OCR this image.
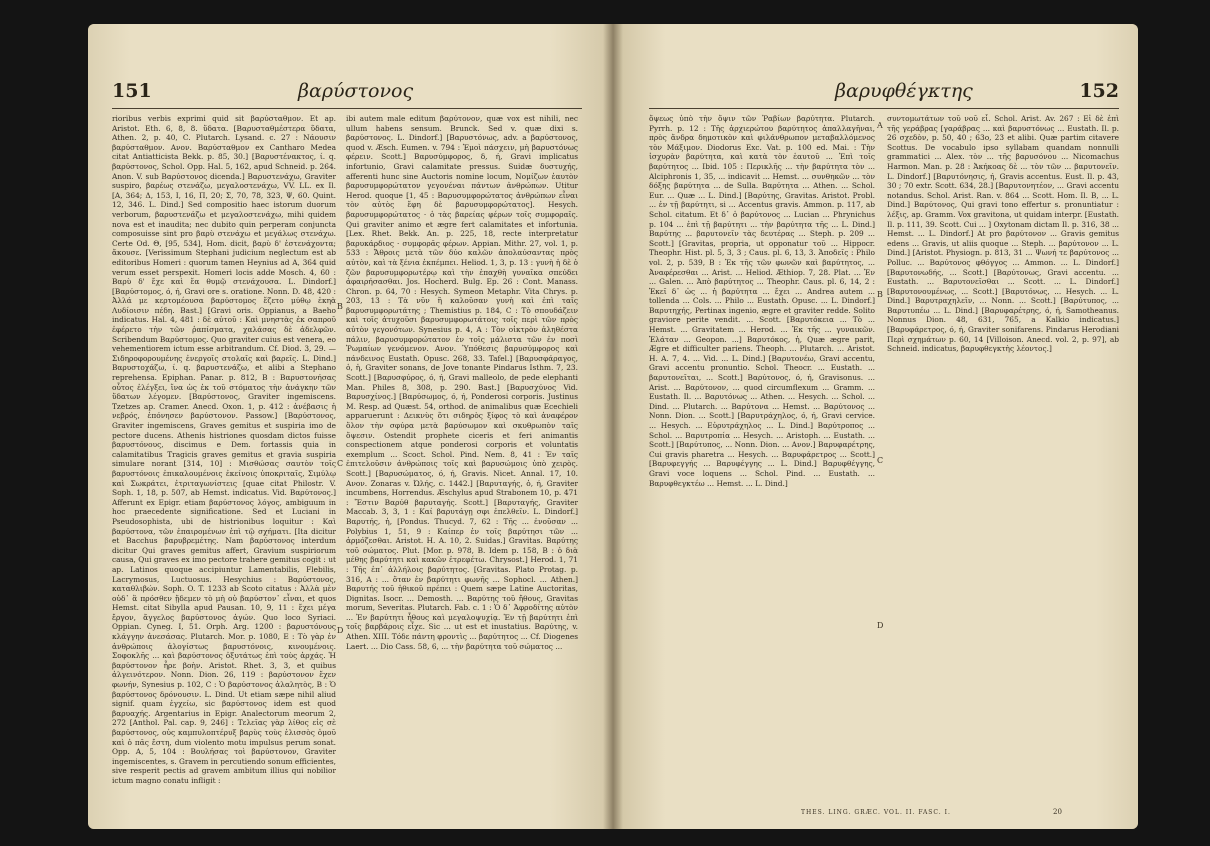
151	βαρύστονος

rioribus verbis exprimi quid sit βαρύσταθμον. Et ap. Aristot. Eth. 6, 8, 8. ὕδατα. [Βαρυσταθμέστερα ὕδατα, Athen. 2, p. 40, C. Plutarch. Lysand. c. 27 : Νάουσιν βαρύσταθμον. Ανον. Βαρύσταθμον ex Cantharo Medea citat Antiatticista Bekk. p. 85, 30.] [Βαρυστένακτος, ί. q. βαρύστονος, Schol. Opp. Hal. 5, 162, apud Schneid. p. 264. Anon. V. sub Βαρύστονος dicenda.] Βαρυστενάχω, Graviter suspiro, βαρέως στενάζω, μεγαλοστενάχω, VV. LL. ex Il. [Α, 364; Δ, 153, I, 16, Π, 20; Σ, 70, 78, 323, Ψ, 60. Quint. 12, 346. L. Dind.] Sed compositio haec istorum duorum verborum, βαρυστενάζω et μεγαλοστενάχω, mihi quidem nova est et inaudita; nec dubito quin perperam conjuncta composuisse sint pro βαρὺ στενάχω et μεγάλως στενάχω. Certe Od. Θ, [95, 534], Hom. dicit, βαρὺ δ' ἐστενάχοντα; ἄκουσε. [Verissimum Stephani judicium neglectum est ab editoribus Homeri : quorum tamen Heynius ad A, 364 quid verum esset perspexit. Homeri locis adde Mosch. 4, 60 : Βαρὺ δ' ἔχε καὶ ἔα θυμῷ στενάχουσα. L. Dindorf.] [Βαρύστομος, ό, ή, Gravi ore s. oratione. Nonn. D. 48, 420 : Ἀλλά με κερτομέουσα βαρύστομος ἔζετο μύθῳ ἑκηὰ Λυδίοισιν πέδη. Bast.] [Gravi oris. Oppianus, a Baeho indicatus. Hal. 4, 481 : δὲ αὐτοῦ : Καὶ μνηστὰς ἐκ σαπροῦ ἐφέρετο τὴν τῶν ῥαπίσματα, χαλάσας δὲ ἀδελφῶν. Scribendum Βαρύστομος. Quo graviter cuius est venera, eo vehementiorem ictum esse arbitrandum. Cf. Diod. 3, 29. — Σιδηροφορουμένης ἐνεργοῖς στολαῖς καὶ βαρεῖς. L. Dind.] Βαρυστοχάζω, ί. q. βαρυστενάζω, et alibi a Stephano reprehensa. Epiphan. Panar. p. 812, B : Βαρυστονήσας οὗτος ἐλέγξει, ἵνα ὡς ἐκ τοῦ στόματος τὴν ἀνάγκην τῶν ὕδατων λέγομεν. [Βαρύστονος, Graviter ingemiscens. Tzetzes ap. Cramer. Anecd. Oxon. 1, p. 412 : ἀνέβασις ἡ νεβρός, ἐπόνησεν βαρύστονον. Passow.] [Βαρύστονος, Graviter ingemiscens, Graves gemitus et suspiria imo de pectore ducens. Athenis histriones quosdam dictos fuisse βαρυστόνους, discimus e Dem. fortassis quia in calamitatibus Tragicis graves gemitus et gravia suspiria simulare norant [314, 10] : Μισθώσας σαυτὸν τοῖς βαρυστόνοις ἐπικαλουμένοις ἐκείνοις ὑποκριταῖς, Σιμύλῳ καὶ Σωκράτει, ἐτριταγωνίστεις [quae citat Philostr. V. Soph. 1, 18, p. 507, ab Hemst. indicatus. Vid. Βαρύτονος.] Afferunt ex Epigr. etiam βαρύστονος λόγος, ambiguum in hoc praecedente significatione. Sed et Luciani in Pseudosophista, ubi de histrionibus loquitur : Καὶ βαρύστονα, τῶν ἐπαιρομένων ἐπὶ τῷ σχήματι. [Ita dicitur et Bacchus βαρυβρεμέτης. Nam βαρύστονος interdum dicitur Qui graves gemitus affert, Gravium suspiriorum causa, Qui graves ex imo pectore trahere gemitus cogit : ut ap. Latinos quoque accipiuntur Lamentabilis, Flebilis, Lacrymosus, Luctuosus. Hesychius : Βαρύστονος, καταθλιβών. Soph. O. T. 1233 ab Scoto citatus : Ἀλλὰ μὲν οὐδ᾽ ἃ πρόσθεν ᾔδεμεν τὸ μὴ οὐ βαρύστον᾽ εἶναι, et quos Hemst. citat Sibylla apud Pausan. 10, 9, 11 : ἔχει μέγα ἔργον, ἄγγελος βαρύστονος ἀγών. Quo loco Syriaci. Oppian. Cyneg. Ι, 51. Orph. Arg. 1200 : βαρυστόνους κλάγγην ἀνεσάσας. Plutarch. Mor. p. 1080, Ε : Τὸ γὰρ ἐν ἀνθρώποις ἀλογίστως βαρυστόνοις, κινουμένοις. Σοφοκλῆς ... καὶ βαρύστονος ὀξυτάτως ἐπὶ τοὺς ἀρχάς. Ἡ βαρύστονον ἦρε βοὴν. Aristot. Rhet. 3, 3, et quibus ἀλγεινότερον. Nonn. Dion. 26, 119 : βαρύστονον ἔχεν φωνήν, Synesius p. 102, C : Ὁ βαρύστονος ἀλαλητὸς, Β : Ὁ βαρύστονος δρόνουσιν. L. Dind. Ut etiam sæpe nihil aliud signif. quam ἐγχείω, sic βαρύστονος idem est quod βαρυαχής. Argentarius in Epigr. Analectorum meorum 2, 272 [Anthol. Pal. cap. 9, 246] : Τελεῖας γὰρ λίθος εἰς σὲ βαρύστονος, οὐς καμπυλοπτέρυξ βαρὺς τοὺς ἐλισσὸς ὁμοῦ καὶ ὁ πᾶς ἔστη, dum violento motu impulsus perum sonat. Opp. A, 5, 104 : Βουλήσας τοὶ βαρύστονον, Graviter ingemiscentes, s. Gravem in percutiendo sonum efficientes, sive resperit pectis ad gravem ambitum illius qui nobilior ictum magno conatu infligit :

ibi autem male editum βαρύτονον, quæ vox est nihili, nec ullum habens sensum. Brunck. Sed v. quæ dixi s. βαρύστονος. L. Dindorf.] [Βαρυστόνως, adv. a βαρύστονος, quod v. Æsch. Eumen. v. 794 : Ἐμοὶ πάσχειν, μὴ βαρυστόνως φέρειν. Scott.] Βαρυσύμφορος, δ, ή, Gravi implicatus infortunio, Gravi calamitate pressus. Suidæ δυστυχής, afferenti hunc sine Auctoris nomine locum, Νομίζων ἑαυτὸν βαρυσυμφορώτατον γεγονέναι πάντων ἀνθρώπων. Utitur Herod. quoque [1, 45 : Βαρυσυμφορώτατος ἀνθρώπων εἶναι τὸν αὐτὸς ἔφη δὲ βαρυσυμφορώτατος]. Hesych. βαρυσυμφορώτατος · ὁ τὰς βαρείας φέρων τοῖς συμφοραῖς. Qui graviter animo et ægre fert calamitates et infortunia. [Lex. Rhet. Bekk. An. p. 225, 18, recte interpretatur βαρυκάρδιος · συμφορᾶς φέρων. Appian. Mithr. 27, vol. 1, p. 533 : Ἄθροις μετὰ τῶν δύο καλῶν ἀπολαύσαντας πρὸς αὐτὸν, καὶ τὰ ξένια ἐκπέμπει. Heliod. 1, 3, p. 13 : γυνὴ ἡ δὲ ὁ ζῶν βαρυσυμφορωτέρῳ καὶ τὴν ἐπαχθὴ γυναῖκα σπεύδει ἀφαιρήσασθαι. Jos. Hocherd. Bulg. Ep. 26 : Cont. Manass. Chron. p. 64, 70 : Hesych. Symeon Metaphr. Vita Chrys. p. 203, 13 : Τὰ νῦν ἢ καλοῦσαν γυνὴ καὶ ἐπὶ ταῖς βαρυσυμφορωτάτης ; Themistius p. 184, C : Τὸ σπουδάζειν καὶ τοῖς ἀτυχοῦσι βαρυσυμφορωτάτοις τοῖς περὶ τῶν πρὸς αὐτὸν γεγονότων. Synesius p. 4, A : Τὸν οἰκτρὸν ἀληθέστα πάλιν, βαρυσυμφορώτατον ἐν τοῖς μάλιστα τῶν ἐν ποσὶ Ῥωμαίων γενόμενον. Ανον. Ὑπόθεσις βαρυσύμφορος καὶ πάνδεινος Eustath. Opusc. 268, 33. Tafel.] [Βαρυσφάραγος, ὁ, ἡ, Graviter sonans, de Jove tonante Pindarus Isthm. 7, 23. Scott.] [Βαρυσφύρος, ό, ή, Gravi malleolo, de pede elephanti Man. Philes 8, 308, p. 290. Bast.] [Βαρυσχύνος Vid. Βαρυσχίνος.] [Βαρύσωμος, ό, ή, Ponderosi corporis. Justinus M. Resp. ad Quæst. 54, orthod. de animalibus quæ Ecechieli apparuerunt : Δεικνὺς ὅτι σιδηρὸς ξίφος τὸ καὶ ἀναφέρον ὅλον τὴν σφύρα μετὰ βαρύσωμον καὶ σκυθρωπὸν ταῖς ὄψεσιν. Ostendit prophete ciceris et feri animantis conspectionem atque ponderosi corporis et voluntatis exemplum ... Scoct. Schol. Pind. Nem. 8, 41 : Ἐν ταῖς ἐπιτελοῦσιν ἀνθρώποις τοῖς καὶ βαρυσώμοις ὑπὸ χειρὸς. Scott.] [Βαρυσώματος, ό, ή, Gravis. Nicet. Annal. 17, 10. Ανον. Zonaras v. Ὠλής, c. 1442.] [Βαρυταγής, ὁ, ή, Graviter incumbens, Horrendus. Æschylus apud Strabonem 10, p. 471 : Ἔστιν Βαρύθ βαρυταγής. Scott.] [Βαρυταγής, Graviter Maccab. 3, 3, 1 : Καί βαρυτάγῃ σφι ἐπελθεῖν. L. Dindorf.] Βαρυτής, ἡ, [Pondus. Thucyd. 7, 62 : Τῆς ... ἐνοῦσαν ... Polybius 1, 51, 9 : Καίπερ ἐν τοῖς βαρύτησι τῶν ... ἀρμόζεσθαι. Aristot. H. A. 10, 2. Suidas.] Gravitas. Βαρύτης τοῦ σώματος. Plut. [Mor. p. 978, B. Idem p. 158, B : ὁ διὰ μέθης βαρύτητι καὶ κακῶν ἐτρεφέτω. Chrysost.] Herod. 1, 71 : Τῆς ἐπ᾽ ἀλλήλοις βαρύτητος. [Gravitas. Plato Protag. p. 316, A : ... ὅταν ἐν βαρύτητι φωνῆς ... Sophocl. ... Athen.] Βαρυτής τοῦ ἡθικοῦ πρέπει : Quem sæpe Latine Auctoritas, Dignitas. Isocr. ... Demosth. ... Βαρύτης τοῦ ἤθους, Gravitas morum, Severitas. Plutarch. Fab. c. 1 : Ὁ δ᾽ Ἀφροδίτης αὐτὸν ... Ἐν βαρύτητι ἦθους καὶ μεγαλοψυχίᾳ. Ἐν τῇ βαρύτητι ἐπὶ τοῖς βαρβάροις εἶχε. Sic ... ut est et inustatius. Βαρύτης, v. Athen. XIII. Τόδε πάντη φροντὶς ... βαρύτητος ... Cf. Diogenes Laert. ... Dio Cass. 58, 6, ... τὴν βαρύτητα τοῦ σώματος ...

B
C
D
βαρυφθέγκτης	152

ὄψεως ὑπὸ τὴν ὄψιν τῶν Ῥαβίων βαρύτητα. Plutarch. Pyrrh. p. 12 : Τῆς ἀρχιερώτου βαρύτητος ἀπαλλαγῆναι, πρὸς ἄνδρα δημοτικὸν καὶ φιλάνθρωπον μεταβαλλόμενος τὸν Μάξιμον. Diodorus Exc. Vat. p. 100 ed. Mai. : Τὴν ἰσχυρὰν βαρύτητα, καὶ κατὰ τὸν ἑαυτοῦ ... Ἐπὶ τοῖς βαρύτητος ... Ibid. 105 : Περικλῆς ... τὴν βαρύτητα τὸν ... Alciphronis 1, 35, ... indicavit ... Hemst. ... συνθηκῶν ... τὸν δόξης βαρύτητα ... de Sulla. Βαρύτητα ... Athen. ... Schol. Eur. ... Quæ ... L. Dind.] [Βαρύτης, Gravitas. Aristot. Probl. ... ἐν τῇ βαρύτητι, si ... Accentus gravis. Ammon. p. 117, ab Schol. citatum. Et δ᾽ ὁ βαρύτονος ... Lucian ... Phrynichus p. 104 ... ἐπὶ τῇ βαρύτητι ... τὴν βαρύτητα τῆς ... L. Dind.] Βαρύτης ... βαρυτονεῖν τὰς δευτέρας ... Steph. p. 209 ... Scott.] [Gravitas, propria, ut opponatur τοῦ ... Hippocr. Theophr. Hist. pl. 5, 3, 3 ; Caus. pl. 6, 13, 3. Ἀποδεῖς : Philo vol. 2, p. 539, B : Ἐκ τῆς τῶν φωνῶν καὶ βαρύτητος, ... Ἀναφέρεσθαι ... Arist. ... Heliod. Æthiop. 7, 28. Plat. ... Ἐν ... Galen. ... Ἀπὸ βαρύτητος ... Theophr. Caus. pl. 6, 14, 2 : Ἐκεῖ δ᾽ ὡς ... ἡ βαρύτητα ... ἔχει ... Andrea autem ... tollenda ... Cols. ... Philo ... Eustath. Opusc. ... L. Dindorf.] Βαρυτηχής, Pertinax ingenio, ægre et graviter redde. Solito graviore perite vendit. ... Scott. [Βαρυτόκεια ... Τὸ ... Hemst. ... Gravitatem ... Herod. ... Ἐκ τῆς ... γυναικῶν. Ἐλάταν ... Geopon. ...] Βαρυτόκος, ἡ, Quæ ægre parit, Ægre et difficulter pariens. Theoph. ... Plutarch. ... Aristot. H. A. 7, 4. ... Vid. ... L. Dind.] [Βαρυτονέω, Gravi accentu, Gravi accentu pronuntio. Schol. Theocr. ... Eustath. ... βαρυτονεῖται, ... Scott.] Βαρύτονος, ό, ή, Gravisonus. ... Arist. ... Βαρύτονον, ... quod circumflexum ... Gramm. ... Eustath. Il. ... Βαρυτόνως ... Athen. ... Hesych. ... Schol. ... Dind. ... Plutarch. ... Βαρύτονα ... Hemst. ... Βαρύτονος ... Nonn. Dion. ... Scott.] [Βαρυτράχηλος, ό, ή, Gravi cervice. ... Hesych. ... Εὐρυτράχηλος ... L. Dind.] Βαρύτροπος ... Schol. ... Βαρυτροπία ... Hesych. ... Aristoph. ... Eustath. ... Scott.] [Βαρύτυπος, ... Nonn. Dion. ... Ανον.] Βαρυφαρέτρης, Cui gravis pharetra ... Hesych. ... Βαρυφάρετρος ... Scott.] [Βαρυφεγγής ... Βαρυφέγγης ... L. Dind.] Βαρυφθέγγης, Gravi voce loquens ... Schol. Pind. ... Eustath. ... Βαρυφθεγκτέω ... Hemst. ... L. Dind.]

συντομωτάτων τοῦ νοῦ εἶ. Schol. Arist. Av. 267 : Εἰ δὲ ἐπὶ τῆς γεράβρας [γαράβρας ... καὶ βαρυστόνως ... Eustath. Il. p. 26 σχεδὸν, p. 50, 40 ; 63ο, 23 et alibi. Quæ partim citavere Scottus. De vocabulo ipso syllabam quandam nonnulli grammatici ... Alex. τὸν ... τῆς βαρυσόνου ... Nicomachus Harmon. Man. p. 28 : Ἀκήκοας δὲ ... τὸν τῶν ... βαρυτονεῖν. L. Dindorf.] [Βαρυτόνησις, ή, Gravis accentus. Eust. Il. p. 43, 30 ; 70 extr. Scott. 634, 28.] [Βαρυτονητέον, ... Gravi accentu notandus. Schol. Arist. Ran. v. 864 ... Scott. Hom. Il. B, ... L. Dind.] Βαρύτονος, Qui gravi tono effertur s. pronuntiatur : λέξις, ap. Gramm. Vox gravitona, ut quidam interpr. [Eustath. Il. p. 111, 39. Scott. Cui ... ] Oxytonam dictam Il. p. 316, 38 ... Hemst. ... L. Dindorf.] At pro βαρύτονον ... Gravis gemitus edens ... Gravis, ut aliis quoque ... Steph. ... βαρύτονον ... L. Dind.] [Aristot. Physiogn. p. 813, 31 ... Ψωνή τε βαρύτονος ... Polluc. ... Βαρύτονος φθόγγος ... Ammon. ... L. Dindorf.] [Βαρυτονωδής, ... Scott.] [Βαρύτονως, Gravi accentu. ... Eustath. ... Βαρυτονεῖσθαι ... Scott. ... L. Dindorf.] [Βαρυτονουμένως, ... Scott.] [Βαρυτόνως, ... Hesych. ... L. Dind.] Βαρυτραχηλεῖν, ... Nonn. ... Scott.] [Βαρύτυπος, ... Βαρυτυπέω ... L. Dind.] [Βαρυφαρέτρης, ό, ή, Samotheanus. Nonnus Dion. 48, 631, 765, a Kalkio indicatus.] [Βαρυφάρετρος, ό, ή, Graviter sonifarens. Pindarus Herodiani Περὶ σχημάτων p. 60, 14 [Villoison. Anecd. vol. 2, p. 97], ab Schneid. indicatus, βαρυφθεγκτὴς λέοντος.]

A
B
C
D
THES. LING. GRÆC. VOL. II. FASC. I.	20
